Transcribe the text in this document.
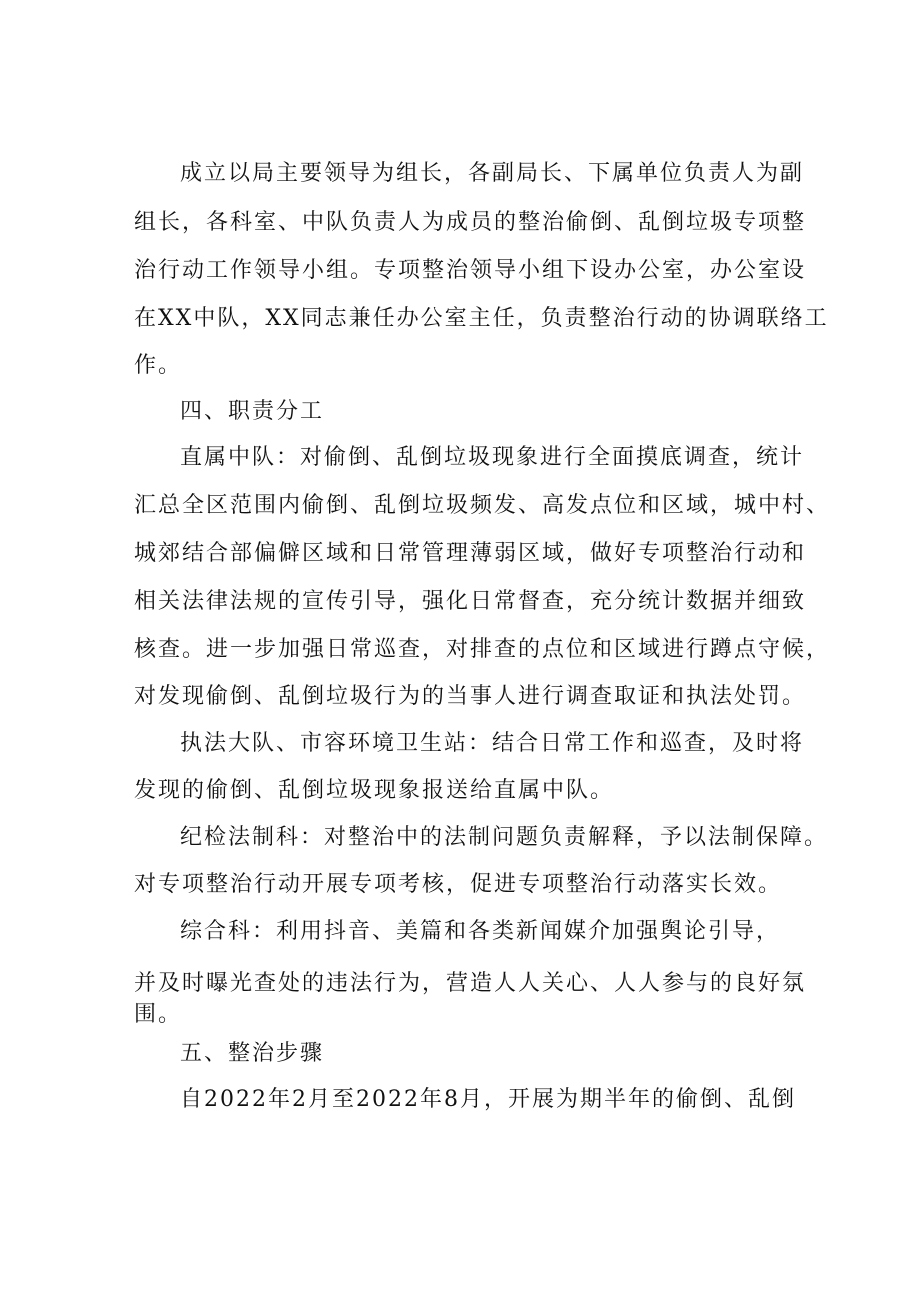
成立以局主要领导为组长，各副局长、下属单位负责人为副
组长，各科室、中队负责人为成员的整治偷倒、乱倒垃圾专项整
治行动工作领导小组。专项整治领导小组下设办公室，办公室设
在XX中队，XX同志兼任办公室主任，负责整治行动的协调联络工
作。
四、职责分工
直属中队：对偷倒、乱倒垃圾现象进行全面摸底调查，统计
汇总全区范围内偷倒、乱倒垃圾频发、高发点位和区域，城中村、
城郊结合部偏僻区域和日常管理薄弱区域，做好专项整治行动和
相关法律法规的宣传引导，强化日常督查，充分统计数据并细致
核查。进一步加强日常巡查，对排查的点位和区域进行蹲点守候，
对发现偷倒、乱倒垃圾行为的当事人进行调查取证和执法处罚。
执法大队、市容环境卫生站：结合日常工作和巡查，及时将
发现的偷倒、乱倒垃圾现象报送给直属中队。
纪检法制科：对整治中的法制问题负责解释，予以法制保障。
对专项整治行动开展专项考核，促进专项整治行动落实长效。
综合科：利用抖音、美篇和各类新闻媒介加强舆论引导，
并及时曝光查处的违法行为，营造人人关心、人人参与的良好氛
围。
五、整治步骤
自2022年2月至2022年8月，开展为期半年的偷倒、乱倒
